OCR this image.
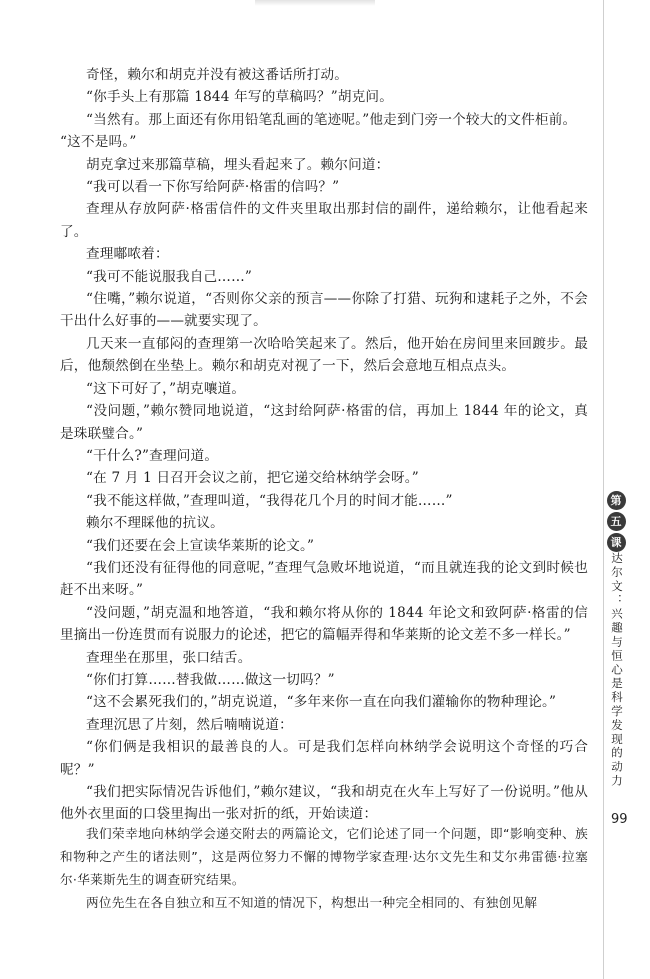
奇怪，赖尔和胡克并没有被这番话所打动。

“你手头上有那篇 1844 年写的草稿吗？”胡克问。

“当然有。那上面还有你用铅笔乱画的笔迹呢。”他走到门旁一个较大的文件柜前。

“这不是吗。”

胡克拿过来那篇草稿，埋头看起来了。赖尔问道：

“我可以看一下你写给阿萨·格雷的信吗？”

查理从存放阿萨·格雷信件的文件夹里取出那封信的副件，递给赖尔，让他看起来了。

查理嘟哝着：

“我可不能说服我自己……”

“住嘴，”赖尔说道，“否则你父亲的预言——你除了打猎、玩狗和逮耗子之外，不会干出什么好事的——就要实现了。

几天来一直郁闷的查理第一次哈哈笑起来了。然后，他开始在房间里来回踱步。最后，他颓然倒在坐垫上。赖尔和胡克对视了一下，然后会意地互相点点头。

“这下可好了，”胡克嚷道。

“没问题，”赖尔赞同地说道，“这封给阿萨·格雷的信，再加上 1844 年的论文，真是珠联璧合。”

“干什么?”查理问道。

“在 7 月 1 日召开会议之前，把它递交给林纳学会呀。”

“我不能这样做，”查理叫道，“我得花几个月的时间才能……”

赖尔不理睬他的抗议。

“我们还要在会上宣读华莱斯的论文。”

“我们还没有征得他的同意呢，”查理气急败坏地说道，“而且就连我的论文到时候也赶不出来呀。”

“没问题，”胡克温和地答道，“我和赖尔将从你的 1844 年论文和致阿萨·格雷的信里摘出一份连贯而有说服力的论述，把它的篇幅弄得和华莱斯的论文差不多一样长。”

查理坐在那里，张口结舌。

“你们打算……替我做……做这一切吗？”

“这不会累死我们的，”胡克说道，“多年来你一直在向我们灌输你的物种理论。”

查理沉思了片刻，然后喃喃说道：

“你们俩是我相识的最善良的人。可是我们怎样向林纳学会说明这个奇怪的巧合呢？”

“我们把实际情况告诉他们，”赖尔建议，“我和胡克在火车上写好了一份说明。”他从他外衣里面的口袋里掏出一张对折的纸，开始读道：

我们荣幸地向林纳学会递交附去的两篇论文，它们论述了同一个问题，即“影响变种、族和物种之产生的诸法则”，这是两位努力不懈的博物学家查理·达尔文先生和艾尔弗雷德·拉塞尔·华莱斯先生的调查研究结果。

两位先生在各自独立和互不知道的情况下，构想出一种完全相同的、有独创见解

第
五
课
达尔文：兴趣与恒心是科学发现的动力
99
